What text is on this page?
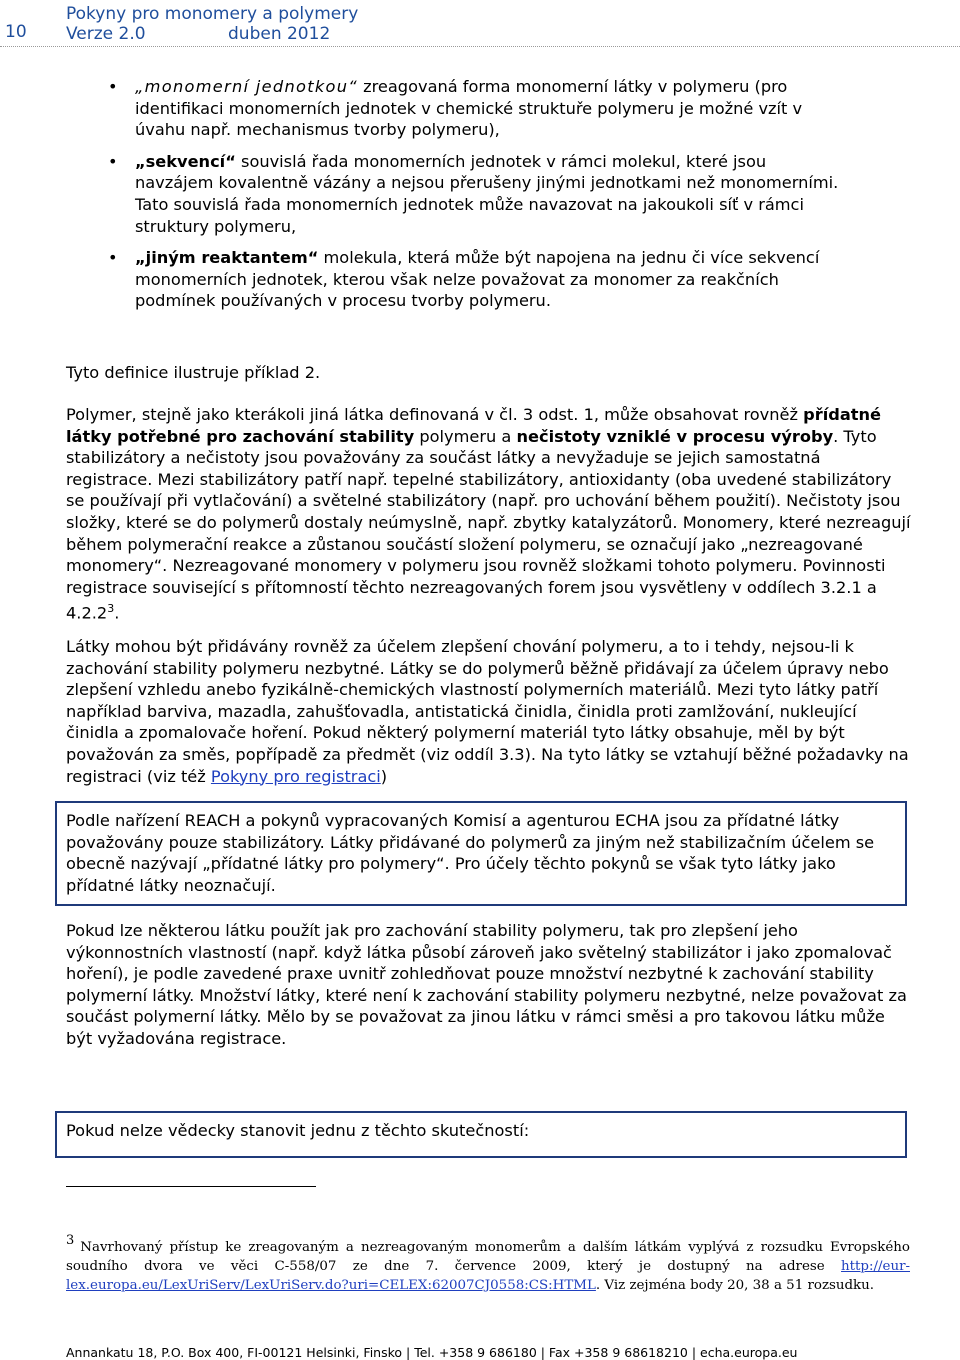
10
Pokyny pro monomery a polymery
Verze 2.0	duben 2012
• „monomerní jednotkou“ zreagovaná forma monomerní látky v polymeru (pro identifikaci monomerních jednotek v chemické struktuře polymeru je možné vzít v úvahu např. mechanismus tvorby polymeru),
• „sekvencí“ souvislá řada monomerních jednotek v rámci molekul, které jsou navzájem kovalentně vázány a nejsou přerušeny jinými jednotkami než monomerními. Tato souvislá řada monomerních jednotek může navazovat na jakoukoli síť v rámci struktury polymeru,
• „jiným reaktantem“ molekula, která může být napojena na jednu či více sekvencí monomerních jednotek, kterou však nelze považovat za monomer za reakčních podmínek používaných v procesu tvorby polymeru.

Tyto definice ilustruje příklad 2.

Polymer, stejně jako kterákoli jiná látka definovaná v čl. 3 odst. 1, může obsahovat rovněž přídatné látky potřebné pro zachování stability polymeru a nečistoty vzniklé v procesu výroby. Tyto stabilizátory a nečistoty jsou považovány za součást látky a nevyžaduje se jejich samostatná registrace. Mezi stabilizátory patří např. tepelné stabilizátory, antioxidanty (oba uvedené stabilizátory se používají při vytlačování) a světelné stabilizátory (např. pro uchování během použití). Nečistoty jsou složky, které se do polymerů dostaly neúmyslně, např. zbytky katalyzátorů. Monomery, které nezreagují během polymerační reakce a zůstanou součástí složení polymeru, se označují jako „nezreagované monomery“. Nezreagované monomery v polymeru jsou rovněž složkami tohoto polymeru. Povinnosti registrace související s přítomností těchto nezreagovaných forem jsou vysvětleny v oddílech 3.2.1 a 4.2.2$^3$.

Látky mohou být přidávány rovněž za účelem zlepšení chování polymeru, a to i tehdy, nejsou-li k zachování stability polymeru nezbytné. Látky se do polymerů běžně přidávají za účelem úpravy nebo zlepšení vzhledu anebo fyzikálně-chemických vlastností polymerních materiálů. Mezi tyto látky patří například barviva, mazadla, zahušťovadla, antistatická činidla, činidla proti zamlžování, nukleující činidla a zpomalovače hoření. Pokud některý polymerní materiál tyto látky obsahuje, měl by být považován za směs, popřípadě za předmět (viz oddíl 3.3). Na tyto látky se vztahují běžné požadavky na registraci (viz též Pokyny pro registraci)

Podle nařízení REACH a pokynů vypracovaných Komisí a agenturou ECHA jsou za přídatné látky považovány pouze stabilizátory. Látky přidávané do polymerů za jiným než stabilizačním účelem se obecně nazývají „přídatné látky pro polymery“. Pro účely těchto pokynů se však tyto látky jako přídatné látky neoznačují.

Pokud lze některou látku použít jak pro zachování stability polymeru, tak pro zlepšení jeho výkonnostních vlastností (např. když látka působí zároveň jako světelný stabilizátor i jako zpomalovač hoření), je podle zavedené praxe uvnitř zohledňovat pouze množství nezbytné k zachování stability polymerní látky. Množství látky, které není k zachování stability polymeru nezbytné, nelze považovat za součást polymerní látky. Mělo by se považovat za jinou látku v rámci směsi a pro takovou látku může být vyžadována registrace.

Pokud nelze vědecky stanovit jednu z těchto skutečností:
3 Navrhovaný přístup ke zreagovaným a nezreagovaným monomerům a dalším látkám vyplývá z rozsudku Evropského soudního dvora ve věci C-558/07 ze dne 7. července 2009, který je dostupný na adrese http://eur-lex.europa.eu/LexUriServ/LexUriServ.do?uri=CELEX:62007CJ0558:CS:HTML. Viz zejména body 20, 38 a 51 rozsudku.
Annankatu 18, P.O. Box 400, FI-00121 Helsinki, Finsko | Tel. +358 9 686180 | Fax +358 9 68618210 | echa.europa.eu
